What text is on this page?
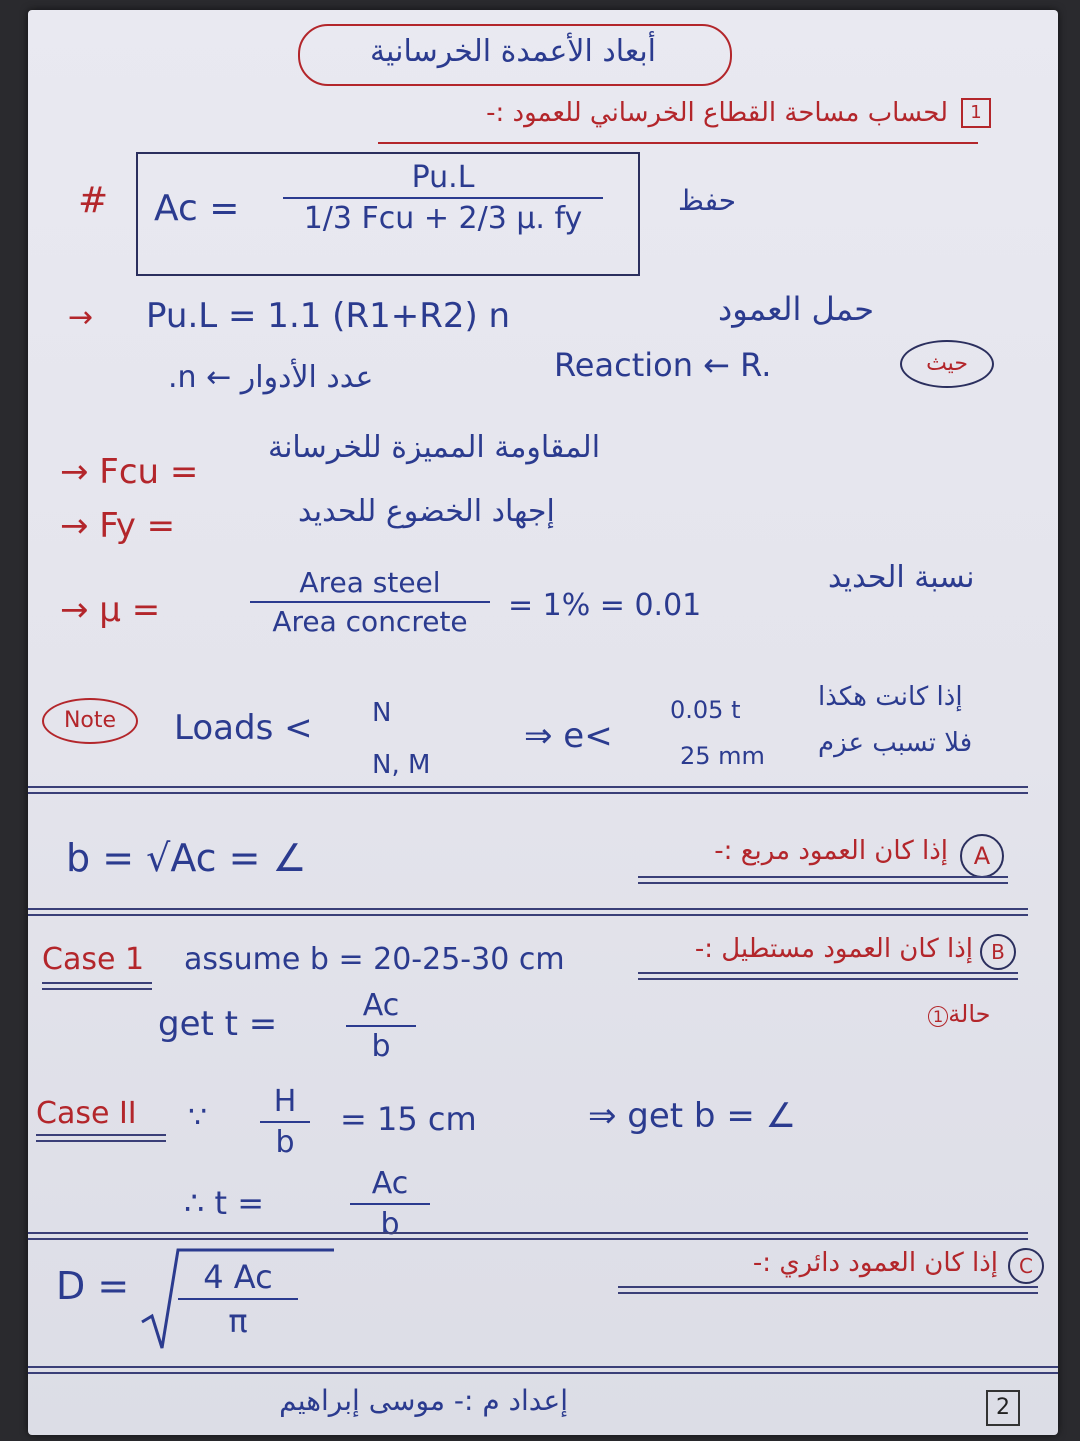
أبعاد الأعمدة الخرسانية
1
لحساب مساحة القطاع الخرساني للعمود :-
# Ac =
Pu.L
1/3 Fcu + 2/3 μ. fy
حفظ
→ Pu.L = 1.1 (R1+R2) n	حمل العمود
حيث
Reaction ← R.
عدد الأدوار ← n.
→ Fcu =
المقاومة المميزة للخرسانة
→ Fy =	إجهاد الخضوع للحديد
→ μ =
Area steel
Area concrete	= 1% = 0.01
نسبة الحديد
Note	Loads < N
N, M
⇒ e<
0.05 t
25 mm
إذا كانت هكذا
فلا تسبب عزم
b = √Ac = ∠	A
إذا كان العمود مربع :-
B
إذا كان العمود مستطيل :-
Case 1 assume b = 20-25-30 cm
حالة1
get t =	Ac
b
Case II ∵	H
b
= 15 cm	⇒ get b = ∠
∴ t =
Ac
b
D =	4 Ac
π
C
إذا كان العمود دائري :-
إعداد م :- موسى إبراهيم	2
